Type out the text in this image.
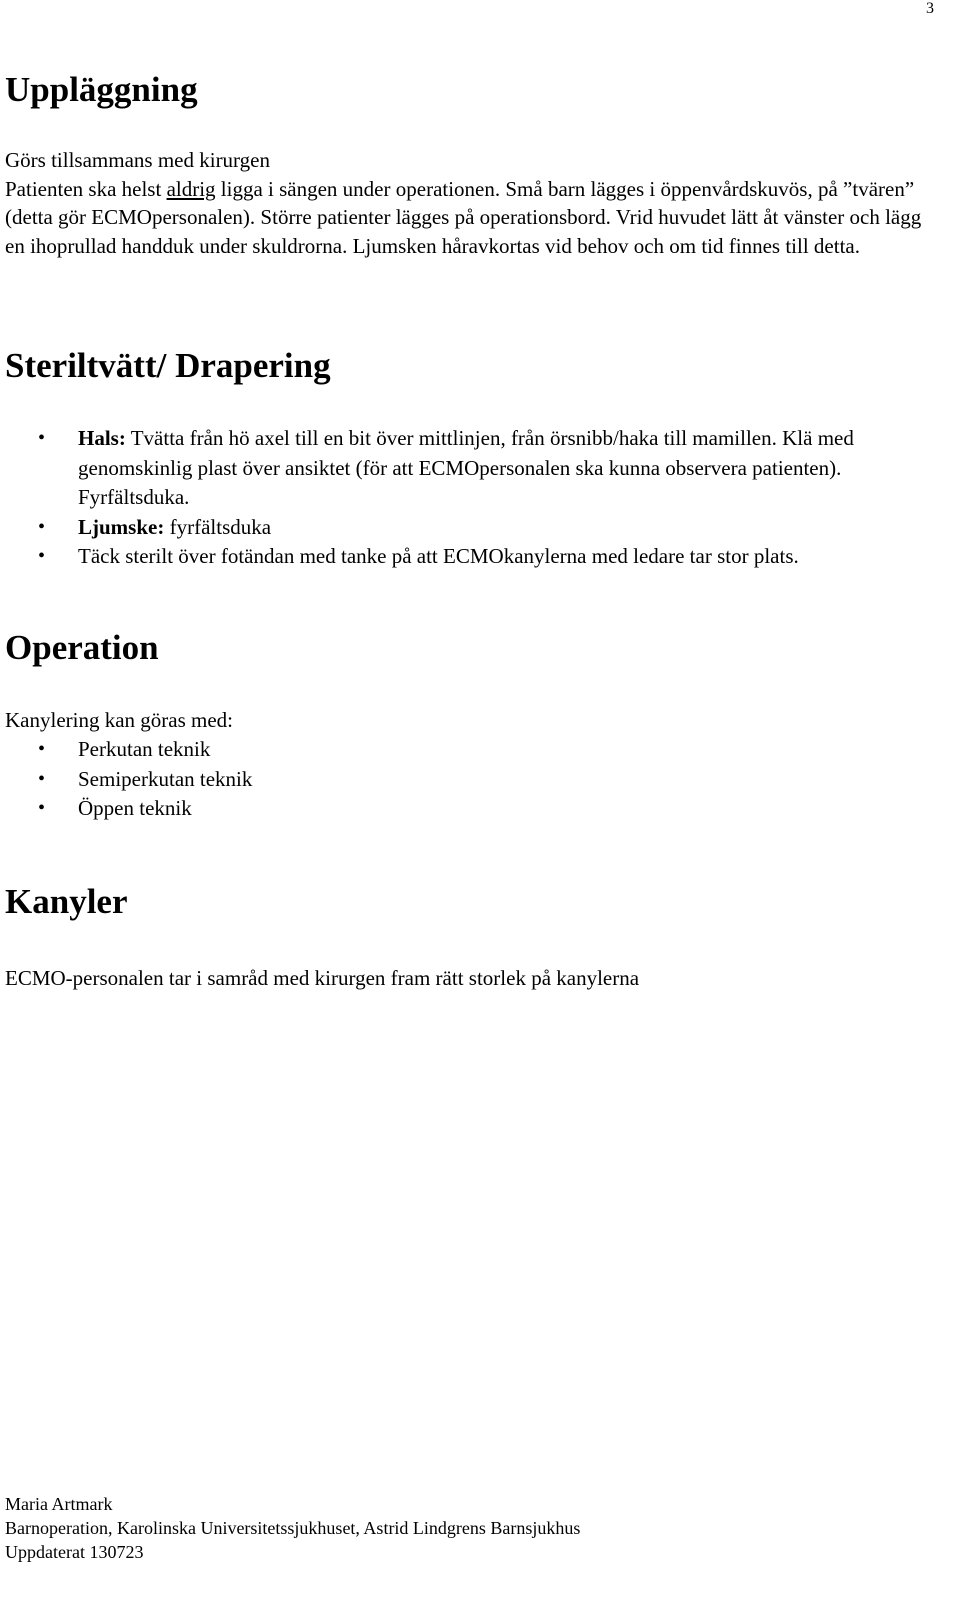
3
Uppläggning

Görs tillsammans med kirurgen
Patienten ska helst aldrig ligga i sängen under operationen. Små barn lägges i öppenvårdskuvös, på ”tvären” (detta gör ECMOpersonalen). Större patienter lägges på operationsbord. Vrid huvudet lätt åt vänster och lägg en ihoprullad handduk under skuldrorna. Ljumsken håravkortas vid behov och om tid finnes till detta.

Steriltvätt/ Drapering
• Hals: Tvätta från hö axel till en bit över mittlinjen, från örsnibb/haka till mamillen. Klä med genomskinlig plast över ansiktet (för att ECMOpersonalen ska kunna observera patienten). Fyrfältsduka.
• Ljumske: fyrfältsduka
• Täck sterilt över fotändan med tanke på att ECMOkanylerna med ledare tar stor plats.
Operation

Kanylering kan göras med:

• Perkutan teknik
• Semiperkutan teknik
• Öppen teknik
Kanyler

ECMO-personalen tar i samråd med kirurgen fram rätt storlek på kanylerna

Maria Artmark
Barnoperation, Karolinska Universitetssjukhuset, Astrid Lindgrens Barnsjukhus
Uppdaterat 130723
